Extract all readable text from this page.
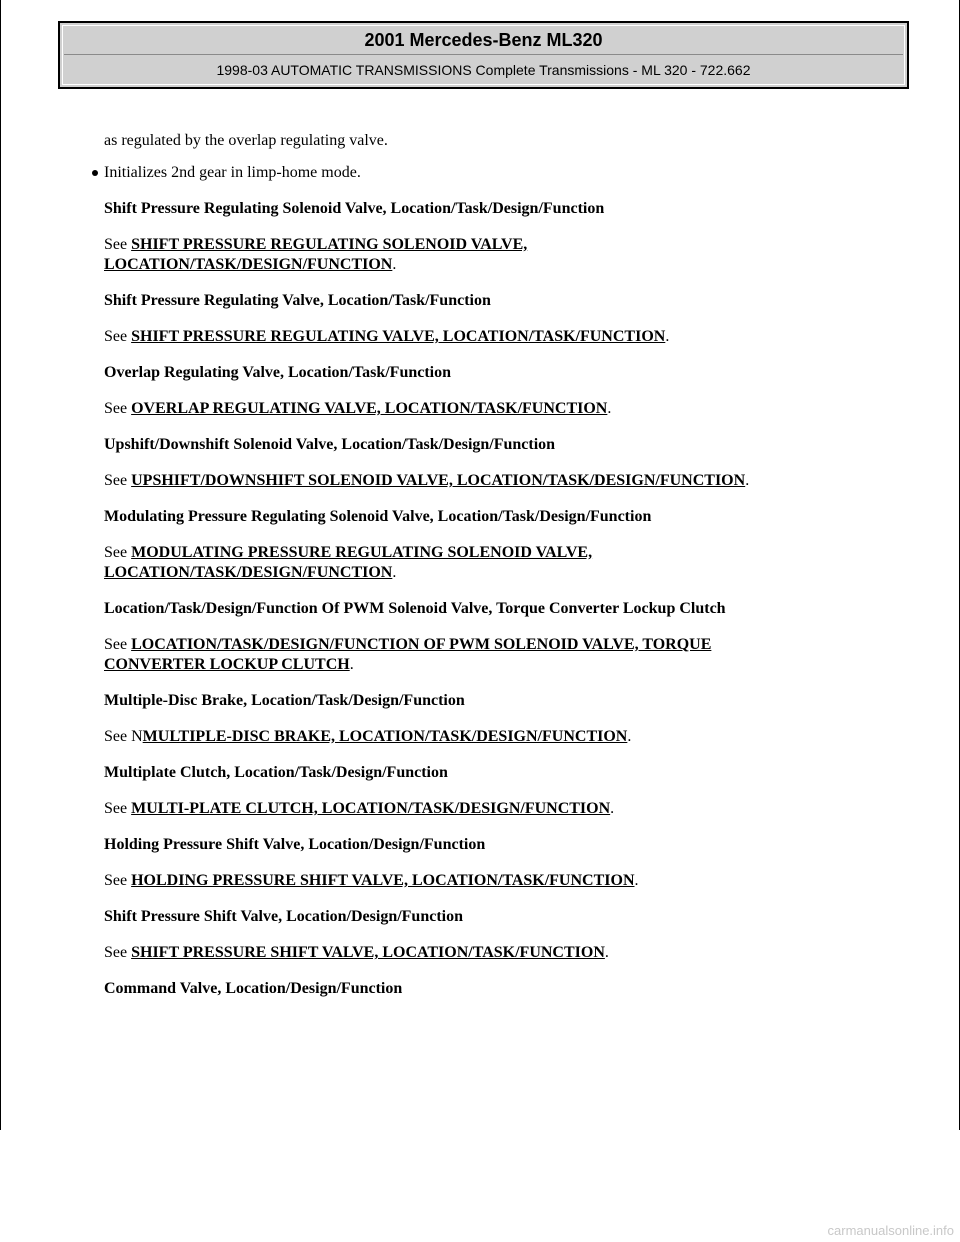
2001 Mercedes-Benz ML320
1998-03 AUTOMATIC TRANSMISSIONS Complete Transmissions - ML 320 - 722.662

as regulated by the overlap regulating valve.

Initializes 2nd gear in limp-home mode.

Shift Pressure Regulating Solenoid Valve, Location/Task/Design/Function

See SHIFT PRESSURE REGULATING SOLENOID VALVE,
LOCATION/TASK/DESIGN/FUNCTION.

Shift Pressure Regulating Valve, Location/Task/Function

See SHIFT PRESSURE REGULATING VALVE, LOCATION/TASK/FUNCTION.

Overlap Regulating Valve, Location/Task/Function

See OVERLAP REGULATING VALVE, LOCATION/TASK/FUNCTION.

Upshift/Downshift Solenoid Valve, Location/Task/Design/Function

See UPSHIFT/DOWNSHIFT SOLENOID VALVE, LOCATION/TASK/DESIGN/FUNCTION.

Modulating Pressure Regulating Solenoid Valve, Location/Task/Design/Function

See MODULATING PRESSURE REGULATING SOLENOID VALVE,
LOCATION/TASK/DESIGN/FUNCTION.

Location/Task/Design/Function Of PWM Solenoid Valve, Torque Converter Lockup Clutch

See LOCATION/TASK/DESIGN/FUNCTION OF PWM SOLENOID VALVE, TORQUE
CONVERTER LOCKUP CLUTCH.

Multiple-Disc Brake, Location/Task/Design/Function

See NMULTIPLE-DISC BRAKE, LOCATION/TASK/DESIGN/FUNCTION.

Multiplate Clutch, Location/Task/Design/Function

See MULTI-PLATE CLUTCH, LOCATION/TASK/DESIGN/FUNCTION.

Holding Pressure Shift Valve, Location/Design/Function

See HOLDING PRESSURE SHIFT VALVE, LOCATION/TASK/FUNCTION.

Shift Pressure Shift Valve, Location/Design/Function

See SHIFT PRESSURE SHIFT VALVE, LOCATION/TASK/FUNCTION.

Command Valve, Location/Design/Function

carmanualsonline.info
